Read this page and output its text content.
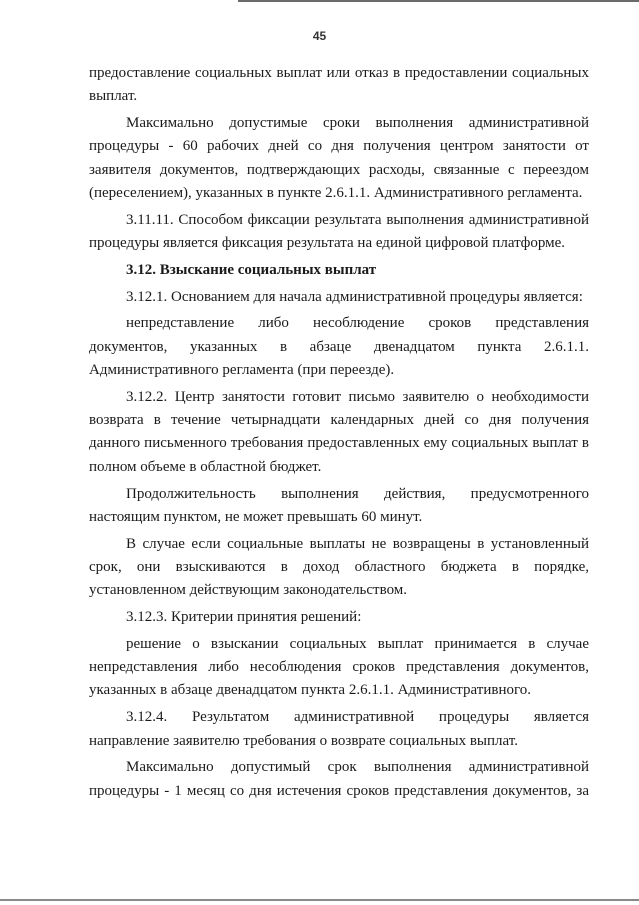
45

предоставление социальных выплат или отказ в предоставлении социальных выплат.

Максимально допустимые сроки выполнения административной процедуры - 60 рабочих дней со дня получения центром занятости от заявителя документов, подтверждающих расходы, связанные с переездом (переселением), указанных в пункте 2.6.1.1. Административного регламента.

3.11.11. Способом фиксации результата выполнения административной процедуры является фиксация результата на единой цифровой платформе.

3.12. Взыскание социальных выплат

3.12.1. Основанием для начала административной процедуры является:

непредставление либо несоблюдение сроков представления документов, указанных в абзаце двенадцатом пункта 2.6.1.1. Административного регламента (при переезде).

3.12.2. Центр занятости готовит письмо заявителю о необходимости возврата в течение четырнадцати календарных дней со дня получения данного письменного требования предоставленных ему социальных выплат в полном объеме в областной бюджет.

Продолжительность выполнения действия, предусмотренного настоящим пунктом, не может превышать 60 минут.

В случае если социальные выплаты не возвращены в установленный срок, они взыскиваются в доход областного бюджета в порядке, установленном действующим законодательством.

3.12.3. Критерии принятия решений:

решение о взыскании социальных выплат принимается в случае непредставления либо несоблюдения сроков представления документов, указанных в абзаце двенадцатом пункта 2.6.1.1. Административного.

3.12.4. Результатом административной процедуры является направление заявителю требования о возврате социальных выплат.

Максимально допустимый срок выполнения административной процедуры - 1 месяц со дня истечения сроков представления документов, за
